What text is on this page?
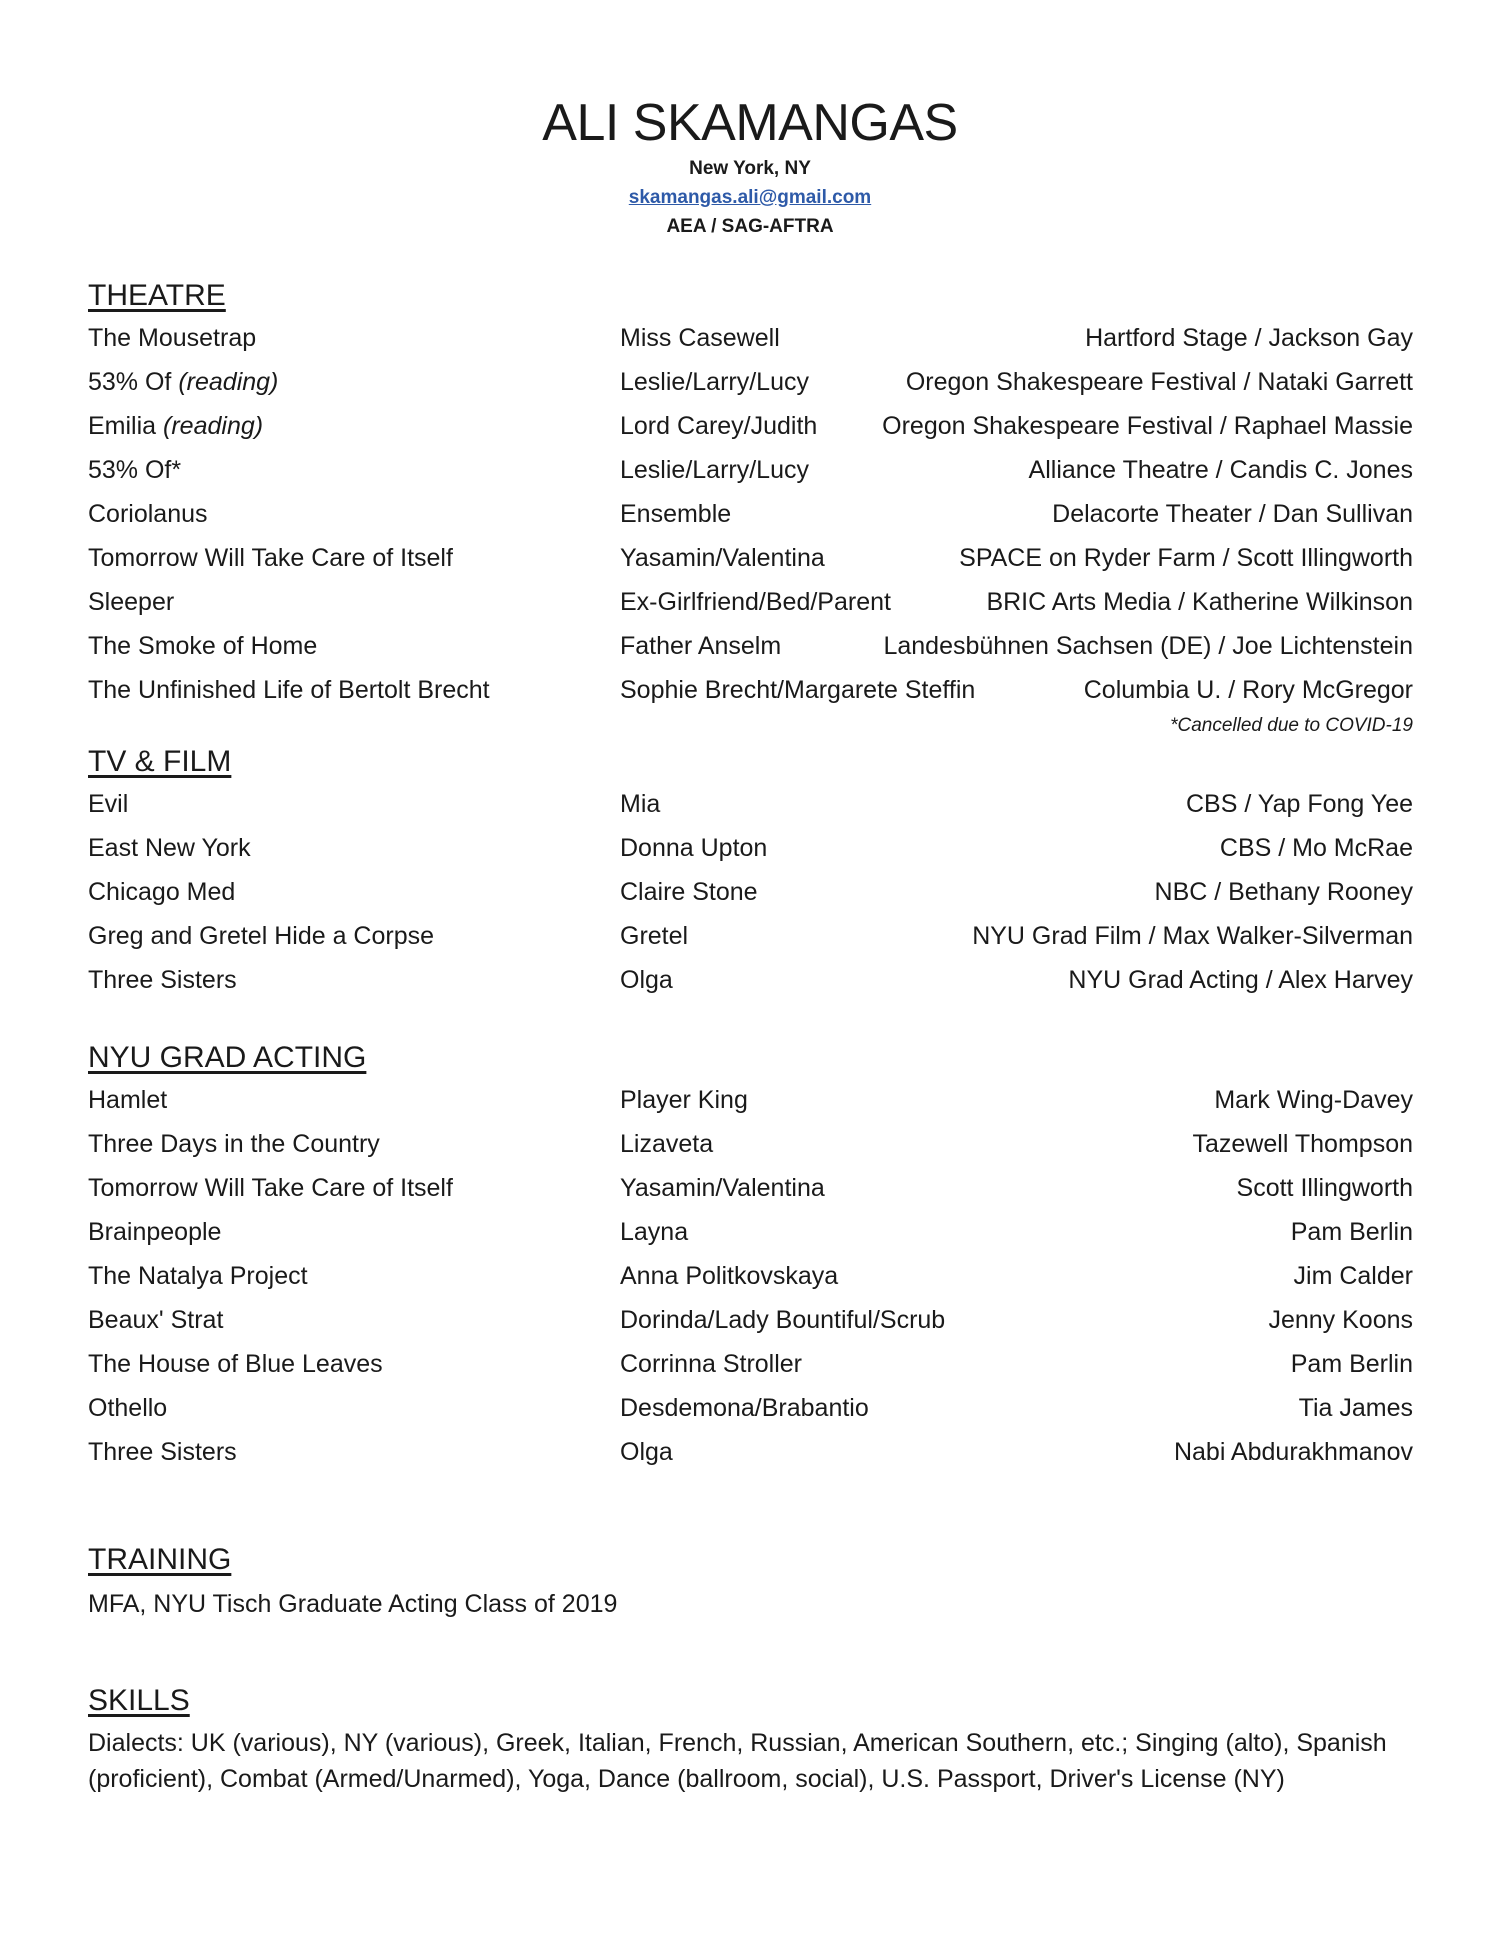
ALI SKAMANGAS
New York, NY
skamangas.ali@gmail.com
AEA / SAG-AFTRA
THEATRE
The Mousetrap	Miss Casewell	Hartford Stage / Jackson Gay
53% Of (reading)	Leslie/Larry/Lucy	Oregon Shakespeare Festival / Nataki Garrett
Emilia (reading)	Lord Carey/Judith	Oregon Shakespeare Festival / Raphael Massie
53% Of*	Leslie/Larry/Lucy	Alliance Theatre / Candis C. Jones
Coriolanus	Ensemble	Delacorte Theater / Dan Sullivan
Tomorrow Will Take Care of Itself	Yasamin/Valentina	SPACE on Ryder Farm / Scott Illingworth
Sleeper	Ex-Girlfriend/Bed/Parent	BRIC Arts Media / Katherine Wilkinson
The Smoke of Home	Father Anselm	Landesbühnen Sachsen (DE) / Joe Lichtenstein
The Unfinished Life of Bertolt Brecht	Sophie Brecht/Margarete Steffin	Columbia U. / Rory McGregor
*Cancelled due to COVID-19
TV & FILM
Evil	Mia	CBS / Yap Fong Yee
East New York	Donna Upton	CBS / Mo McRae
Chicago Med	Claire Stone	NBC / Bethany Rooney
Greg and Gretel Hide a Corpse	Gretel	NYU Grad Film / Max Walker-Silverman
Three Sisters	Olga	NYU Grad Acting / Alex Harvey
NYU GRAD ACTING
Hamlet	Player King	Mark Wing-Davey
Three Days in the Country	Lizaveta	Tazewell Thompson
Tomorrow Will Take Care of Itself	Yasamin/Valentina	Scott Illingworth
Brainpeople	Layna	Pam Berlin
The Natalya Project	Anna Politkovskaya	Jim Calder
Beaux' Strat	Dorinda/Lady Bountiful/Scrub	Jenny Koons
The House of Blue Leaves	Corrinna Stroller	Pam Berlin
Othello	Desdemona/Brabantio	Tia James
Three Sisters	Olga	Nabi Abdurakhmanov
TRAINING
MFA, NYU Tisch Graduate Acting Class of 2019
SKILLS
Dialects: UK (various), NY (various), Greek, Italian, French, Russian, American Southern, etc.; Singing (alto), Spanish
(proficient), Combat (Armed/Unarmed), Yoga, Dance (ballroom, social), U.S. Passport, Driver's License (NY)
